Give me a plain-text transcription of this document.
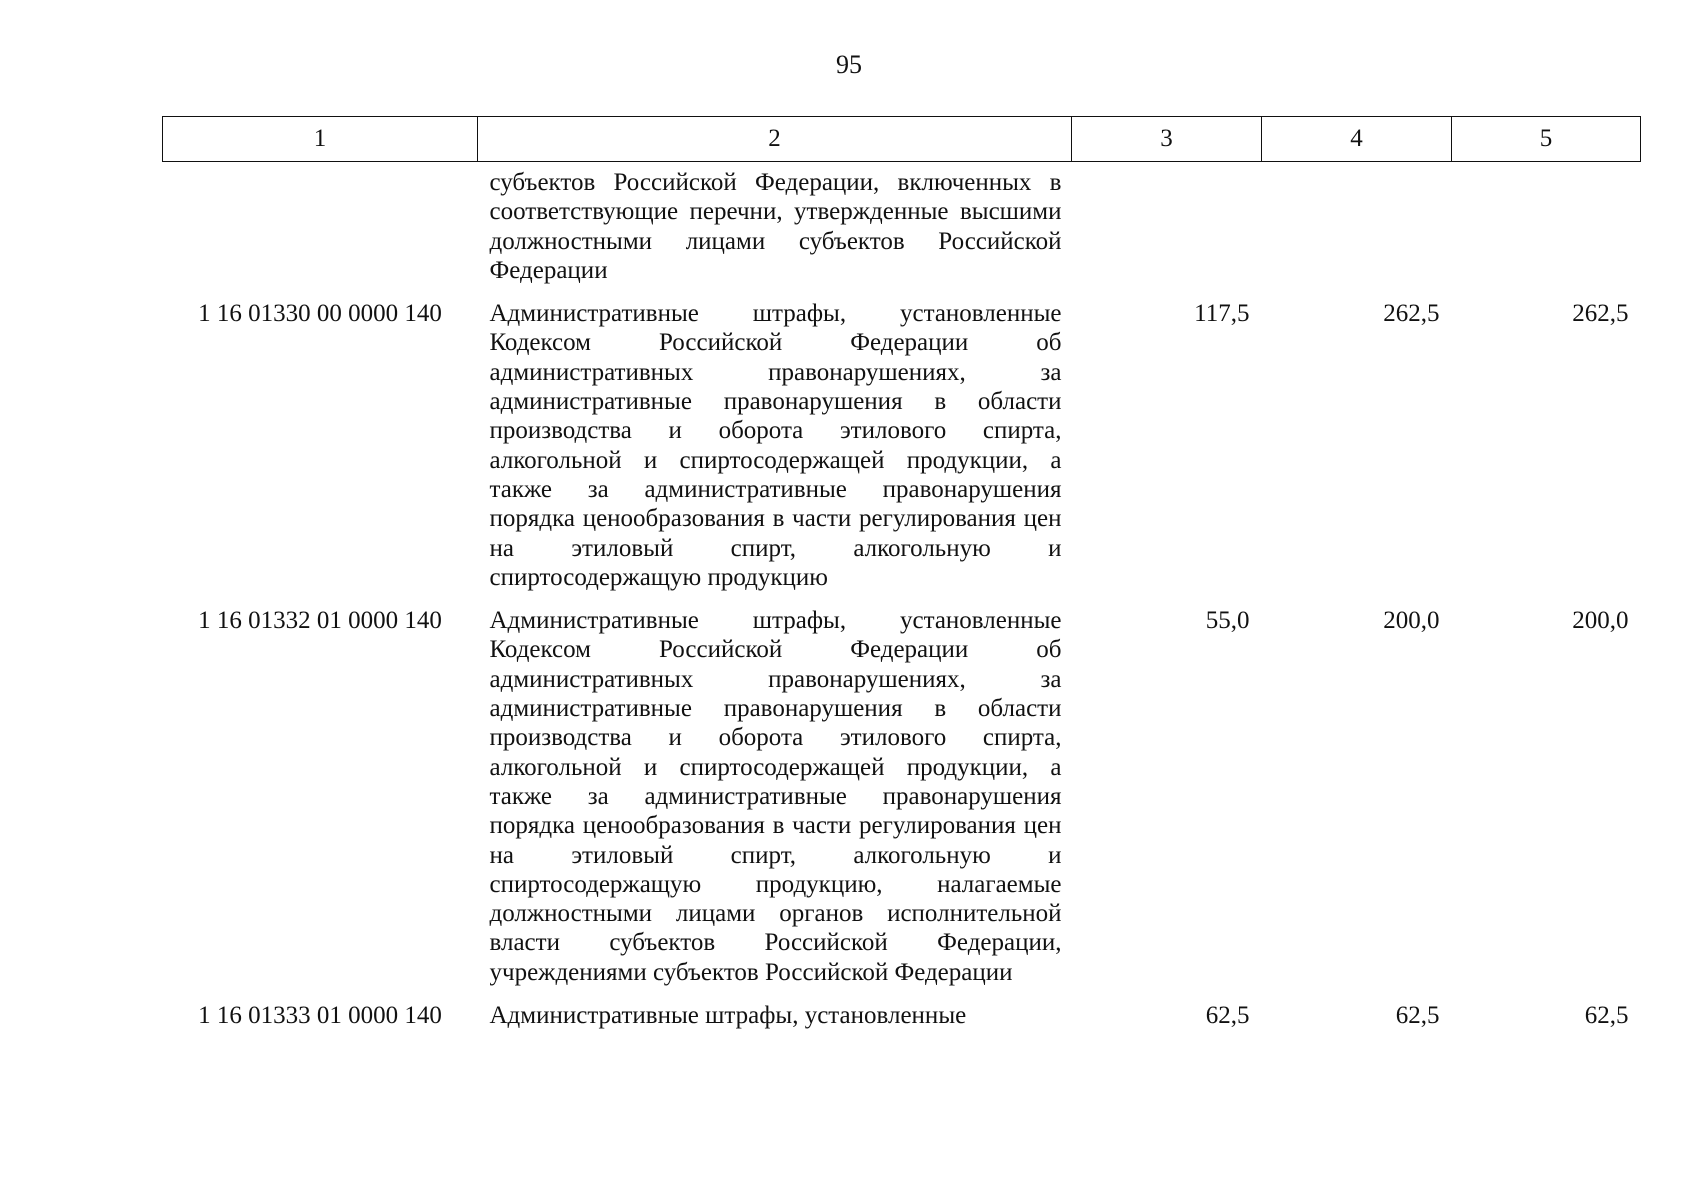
95
1	2	3	4	5
	субъектов Российской Федерации, включенных в соответствующие перечни, утвержденные высшими должностными лицами субъектов Российской Федерации			
1 16 01330 00 0000 140	Административные штрафы, установленные Кодексом Российской Федерации об административных правонарушениях, за административные правонарушения в области производства и оборота этилового спирта, алкогольной и спиртосодержащей продукции, а также за административные правонарушения порядка ценообразования в части регулирования цен на этиловый спирт, алкогольную и спиртосодержащую продукцию	117,5	262,5	262,5
1 16 01332 01 0000 140	Административные штрафы, установленные Кодексом Российской Федерации об административных правонарушениях, за административные правонарушения в области производства и оборота этилового спирта, алкогольной и спиртосодержащей продукции, а также за административные правонарушения порядка ценообразования в части регулирования цен на этиловый спирт, алкогольную и спиртосодержащую продукцию, налагаемые должностными лицами органов исполнительной власти субъектов Российской Федерации, учреждениями субъектов Российской Федерации	55,0	200,0	200,0
1 16 01333 01 0000 140	Административные штрафы, установленные	62,5	62,5	62,5
